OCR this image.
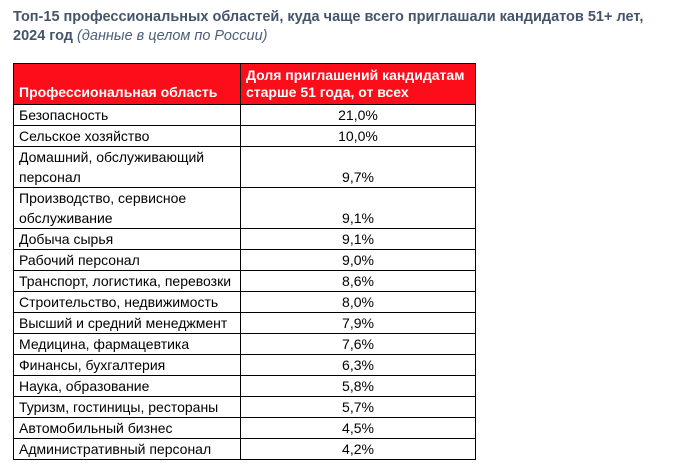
Топ-15 профессиональных областей, куда чаще всего приглашали кандидатов 51+ лет, 2024 год (данные в целом по России)

Профессиональная область	Доля приглашений кандидатам старше 51 года, от всех
Безопасность	21,0%
Сельское хозяйство	10,0%
Домашний, обслуживающий персонал	9,7%
Производство, сервисное обслуживание	9,1%
Добыча сырья	9,1%
Рабочий персонал	9,0%
Транспорт, логистика, перевозки	8,6%
Строительство, недвижимость	8,0%
Высший и средний менеджмент	7,9%
Медицина, фармацевтика	7,6%
Финансы, бухгалтерия	6,3%
Наука, образование	5,8%
Туризм, гостиницы, рестораны	5,7%
Автомобильный бизнес	4,5%
Административный персонал	4,2%
